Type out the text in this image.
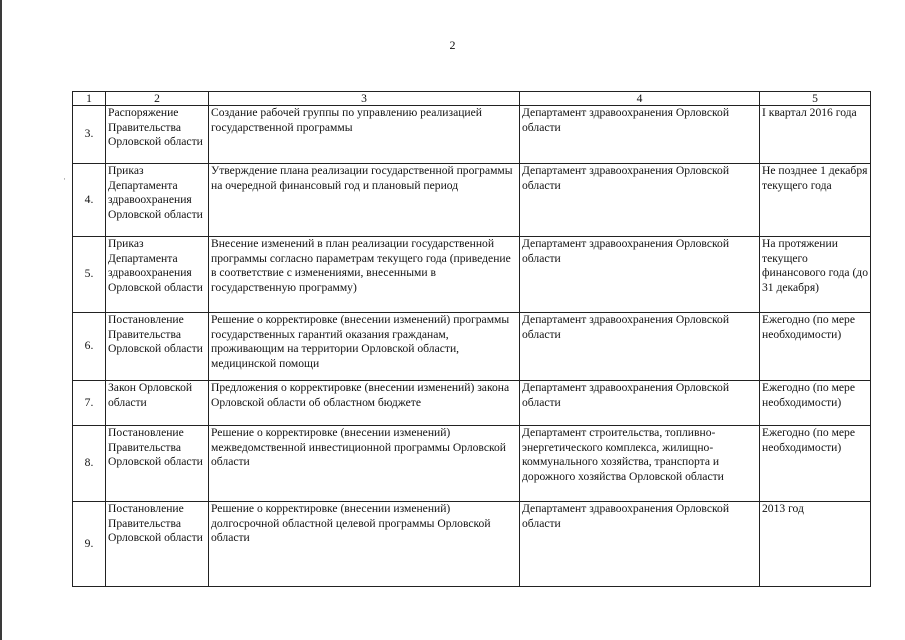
·
2
1	2	3	4	5
3.	Распоряжение Правительства Орловской области	Создание рабочей группы по управлению реализацией государственной программы	Департамент здравоохранения Орловской области	I квартал 2016 года
4.	Приказ Департамента здравоохранения Орловской области	Утверждение плана реализации государственной программы на очередной финансовый год и плановый период	Департамент здравоохранения Орловской области	Не позднее 1 декабря текущего года
5.	Приказ Департамента здравоохранения Орловской области	Внесение изменений в план реализации государственной программы согласно параметрам текущего года (приведение в соответствие с изменениями, внесенными в государственную программу)	Департамент здравоохранения Орловской области	На протяжении текущего финансового года (до 31 декабря)
6.	Постановление Правительства Орловской области	Решение о корректировке (внесении изменений) программы государственных гарантий оказания гражданам, проживающим на территории Орловской области, медицинской помощи	Департамент здравоохранения Орловской области	Ежегодно (по мере необходимости)
7.	Закон Орловской области	Предложения о корректировке (внесении изменений) закона Орловской области об областном бюджете	Департамент здравоохранения Орловской области	Ежегодно (по мере необходимости)
8.	Постановление Правительства Орловской области	Решение о корректировке (внесении изменений) межведомственной инвестиционной программы Орловской области	Департамент строительства, топливно-энергетического комплекса, жилищно-коммунального хозяйства, транспорта и дорожного хозяйства Орловской области	Ежегодно (по мере необходимости)
9.	Постановление Правительства Орловской области	Решение о корректировке (внесении изменений) долгосрочной областной целевой программы Орловской области	Департамент здравоохранения Орловской области	2013 год
